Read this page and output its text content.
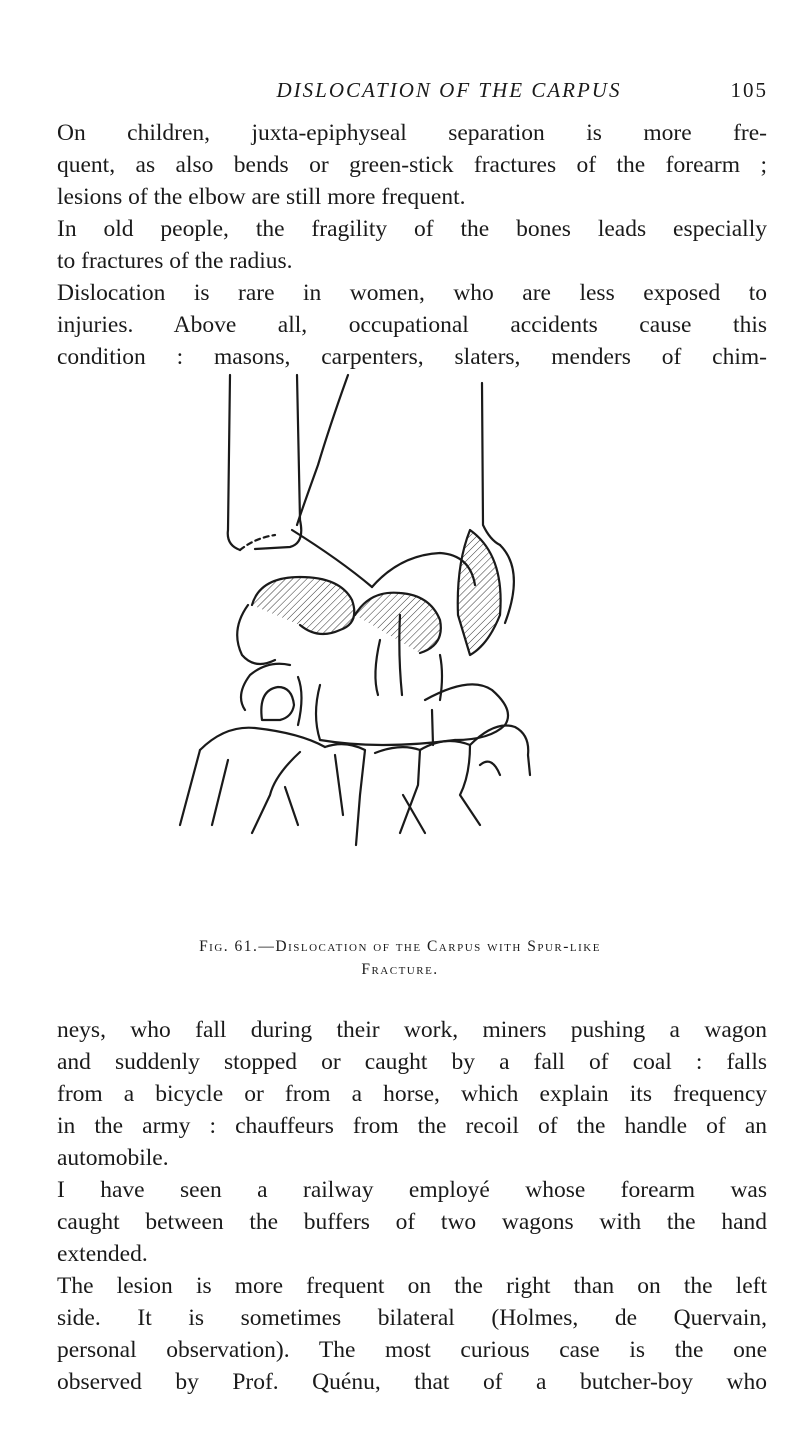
DISLOCATION OF THE CARPUS	105
On children, juxta-epiphyseal separation is more fre-
quent, as also bends or green-stick fractures of the forearm ;
lesions of the elbow are still more frequent.
In old people, the fragility of the bones leads especially
to fractures of the radius.
Dislocation is rare in women, who are less exposed to
injuries. Above all, occupational accidents cause this
condition : masons, carpenters, slaters, menders of chim-
Fig. 61.—Dislocation of the Carpus with Spur-like
Fracture.
neys, who fall during their work, miners pushing a wagon
and suddenly stopped or caught by a fall of coal : falls
from a bicycle or from a horse, which explain its frequency
in the army : chauffeurs from the recoil of the handle of an
automobile.
I have seen a railway employé whose forearm was
caught between the buffers of two wagons with the hand
extended.
The lesion is more frequent on the right than on the left
side. It is sometimes bilateral (Holmes, de Quervain,
personal observation). The most curious case is the one
observed by Prof. Quénu, that of a butcher-boy who
